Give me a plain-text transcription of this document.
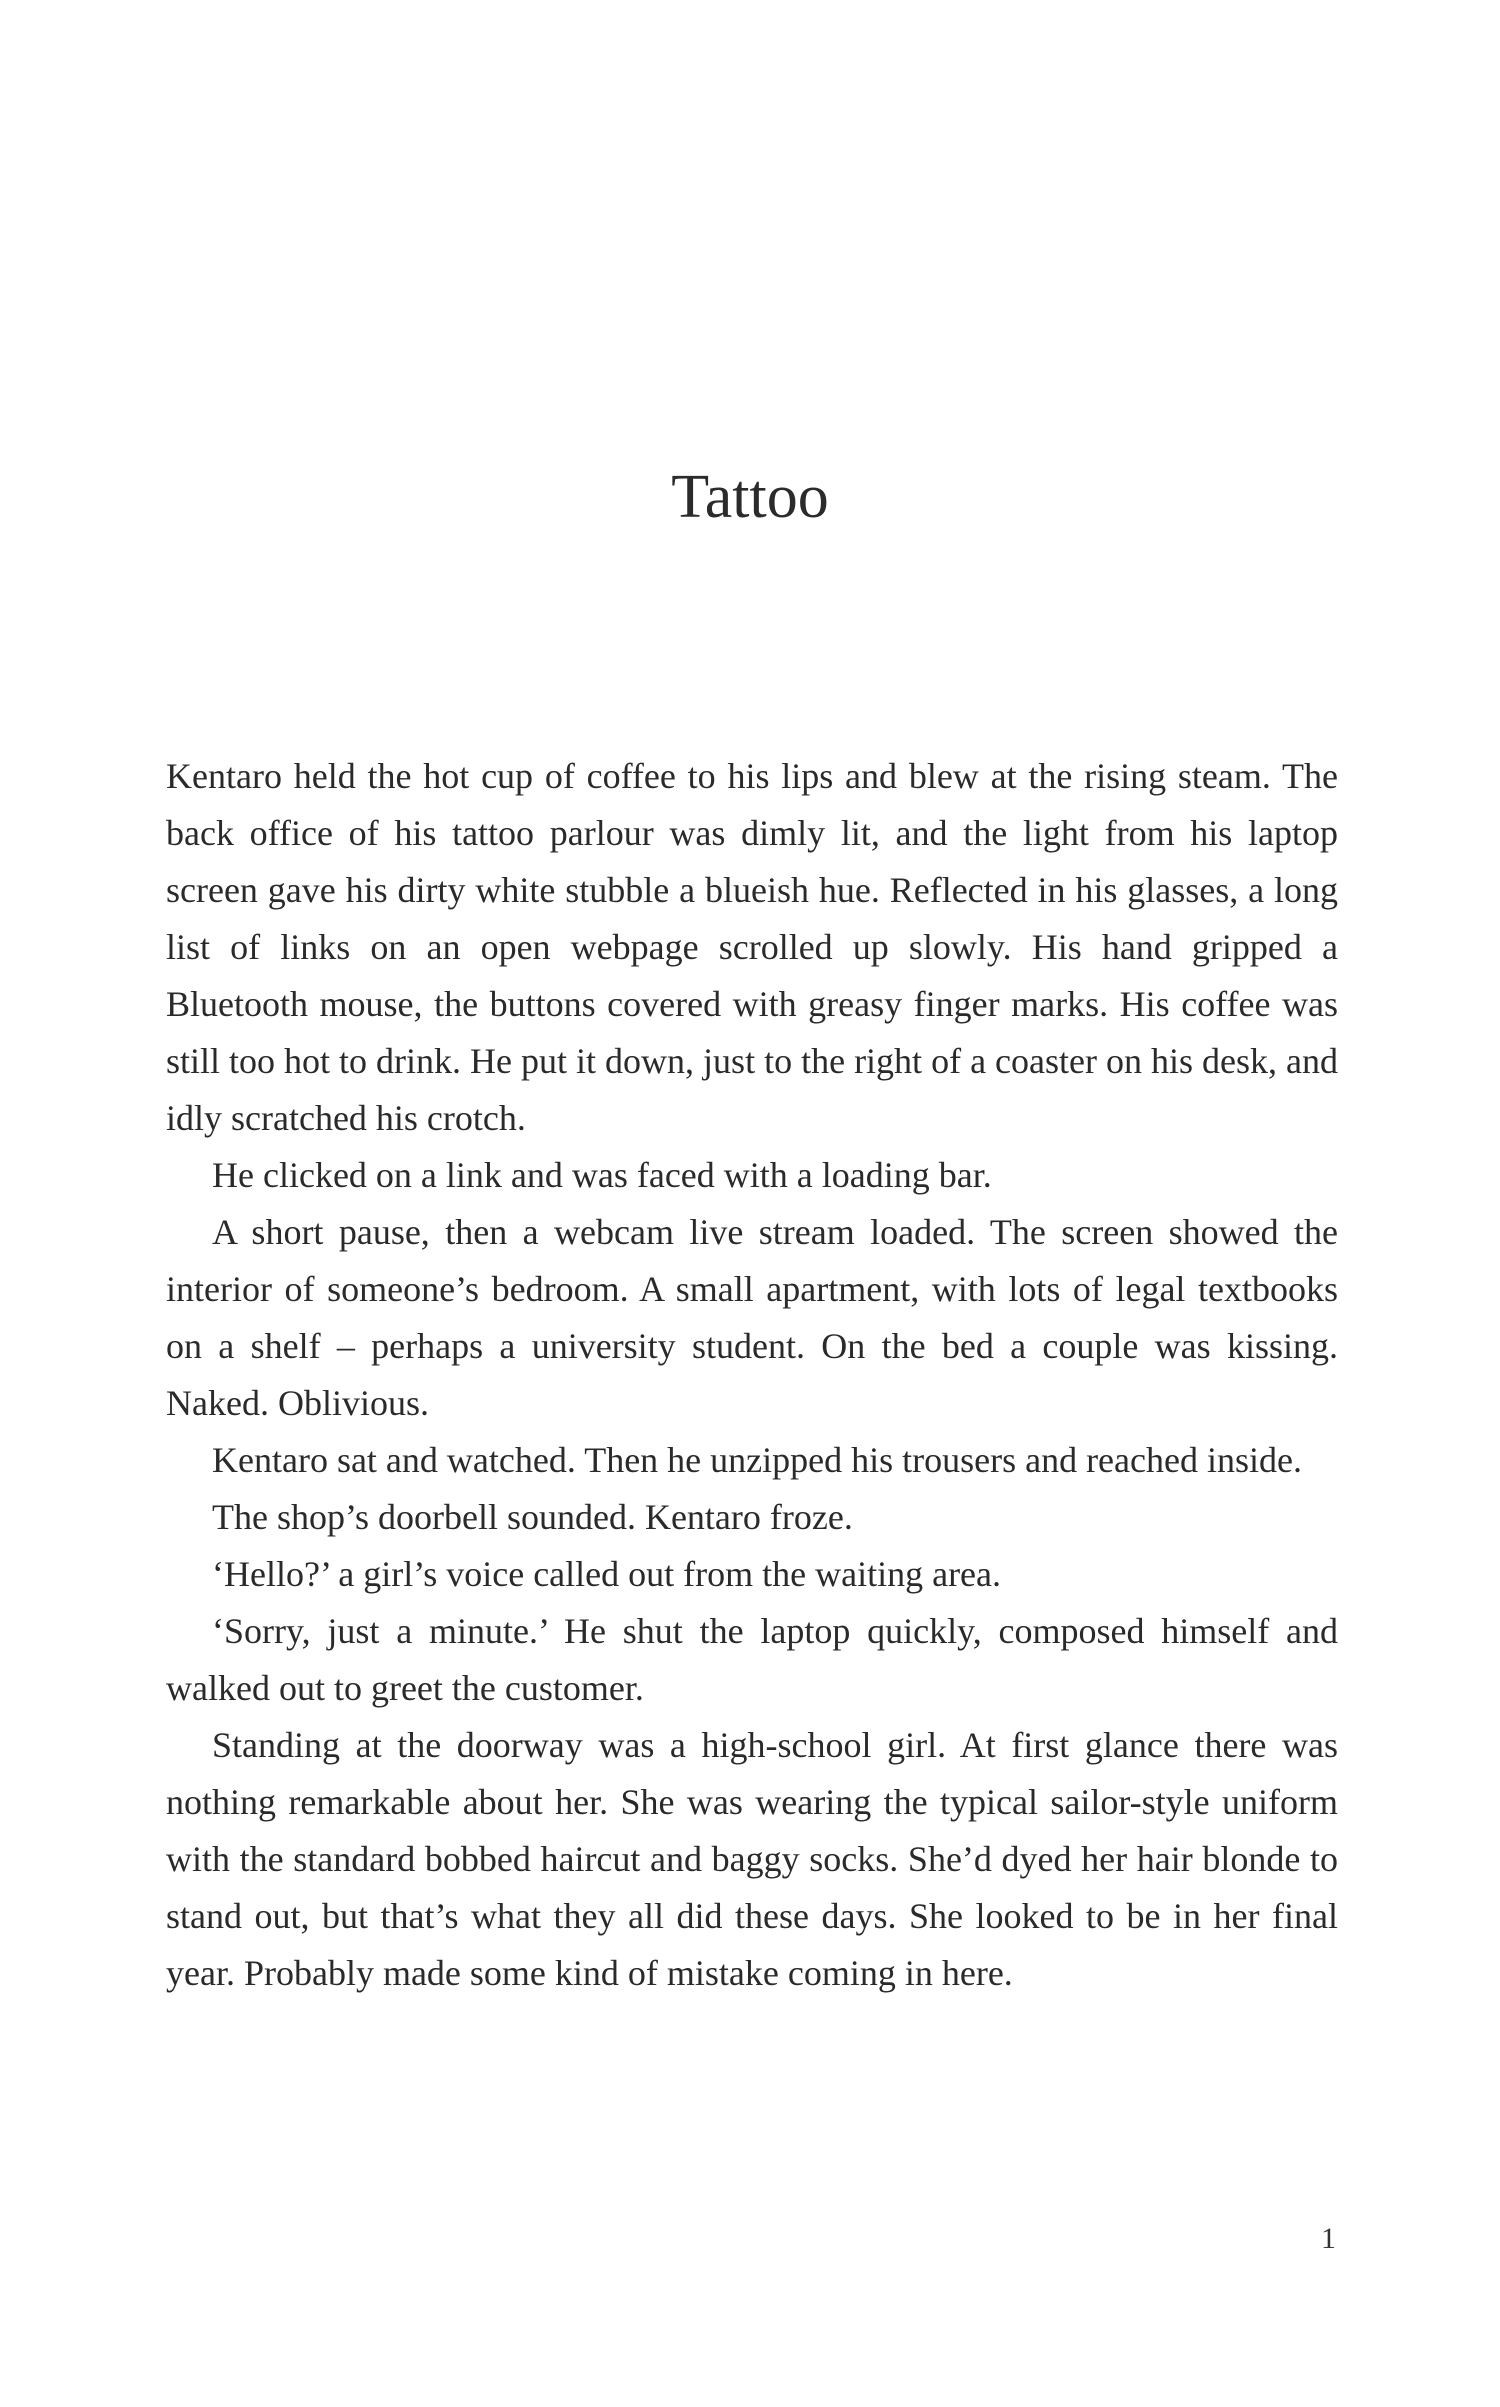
Tattoo

Kentaro held the hot cup of coffee to his lips and blew at the rising steam. The back office of his tattoo parlour was dimly lit, and the light from his laptop screen gave his dirty white stubble a blueish hue. Reflected in his glasses, a long list of links on an open webpage scrolled up slowly. His hand gripped a Bluetooth mouse, the buttons covered with greasy finger marks. His coffee was still too hot to drink. He put it down, just to the right of a coaster on his desk, and idly scratched his crotch.

He clicked on a link and was faced with a loading bar.

A short pause, then a webcam live stream loaded. The screen showed the interior of someone’s bedroom. A small apartment, with lots of legal textbooks on a shelf – perhaps a university student. On the bed a couple was kissing. Naked. Oblivious.

Kentaro sat and watched. Then he unzipped his trousers and reached inside.

The shop’s doorbell sounded. Kentaro froze.

‘Hello?’ a girl’s voice called out from the waiting area.

‘Sorry, just a minute.’ He shut the laptop quickly, composed himself and walked out to greet the customer.

Standing at the doorway was a high-school girl. At first glance there was nothing remarkable about her. She was wearing the typical sailor-style uniform with the standard bobbed haircut and baggy socks. She’d dyed her hair blonde to stand out, but that’s what they all did these days. She looked to be in her final year. Probably made some kind of mistake coming in here.

1
